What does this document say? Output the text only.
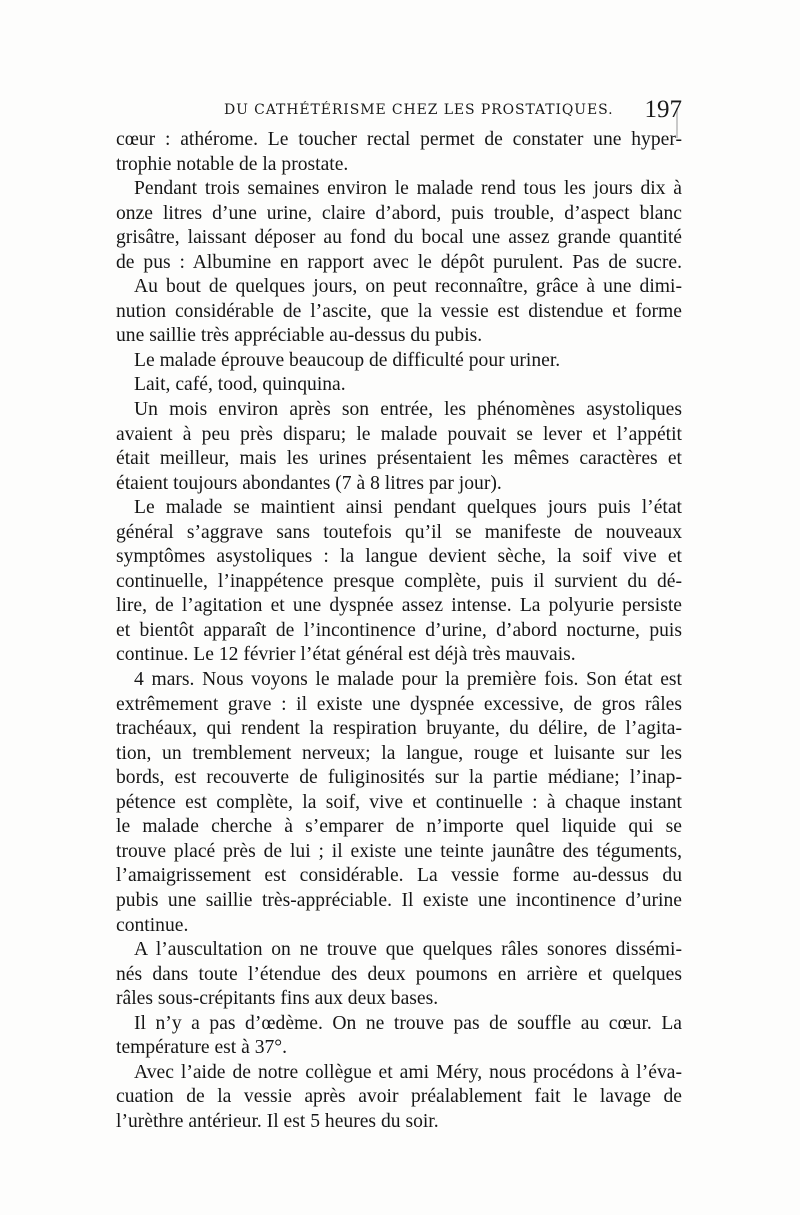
DU CATHÉTÉRISME CHEZ LES PROSTATIQUES. 197
cœur : athérome. Le toucher rectal permet de constater une hyper-
trophie notable de la prostate.
Pendant trois semaines environ le malade rend tous les jours dix à
onze litres d’une urine, claire d’abord, puis trouble, d’aspect blanc
grisâtre, laissant déposer au fond du bocal une assez grande quantité
de pus : Albumine en rapport avec le dépôt purulent. Pas de sucre.
Au bout de quelques jours, on peut reconnaître, grâce à une dimi-
nution considérable de l’ascite, que la vessie est distendue et forme
une saillie très appréciable au-dessus du pubis.
Le malade éprouve beaucoup de difficulté pour uriner.
Lait, café, tood, quinquina.
Un mois environ après son entrée, les phénomènes asystoliques
avaient à peu près disparu; le malade pouvait se lever et l’appétit
était meilleur, mais les urines présentaient les mêmes caractères et
étaient toujours abondantes (7 à 8 litres par jour).
Le malade se maintient ainsi pendant quelques jours puis l’état
général s’aggrave sans toutefois qu’il se manifeste de nouveaux
symptômes asystoliques : la langue devient sèche, la soif vive et
continuelle, l’inappétence presque complète, puis il survient du dé-
lire, de l’agitation et une dyspnée assez intense. La polyurie persiste
et bientôt apparaît de l’incontinence d’urine, d’abord nocturne, puis
continue. Le 12 février l’état général est déjà très mauvais.
4 mars. Nous voyons le malade pour la première fois. Son état est
extrêmement grave : il existe une dyspnée excessive, de gros râles
trachéaux, qui rendent la respiration bruyante, du délire, de l’agita-
tion, un tremblement nerveux; la langue, rouge et luisante sur les
bords, est recouverte de fuliginosités sur la partie médiane; l’inap-
pétence est complète, la soif, vive et continuelle : à chaque instant
le malade cherche à s’emparer de n’importe quel liquide qui se
trouve placé près de lui ; il existe une teinte jaunâtre des téguments,
l’amaigrissement est considérable. La vessie forme au-dessus du
pubis une saillie très-appréciable. Il existe une incontinence d’urine
continue.
A l’auscultation on ne trouve que quelques râles sonores dissémi-
nés dans toute l’étendue des deux poumons en arrière et quelques
râles sous-crépitants fins aux deux bases.
Il n’y a pas d’œdème. On ne trouve pas de souffle au cœur. La
température est à 37°.
Avec l’aide de notre collègue et ami Méry, nous procédons à l’éva-
cuation de la vessie après avoir préalablement fait le lavage de
l’urèthre antérieur. Il est 5 heures du soir.
